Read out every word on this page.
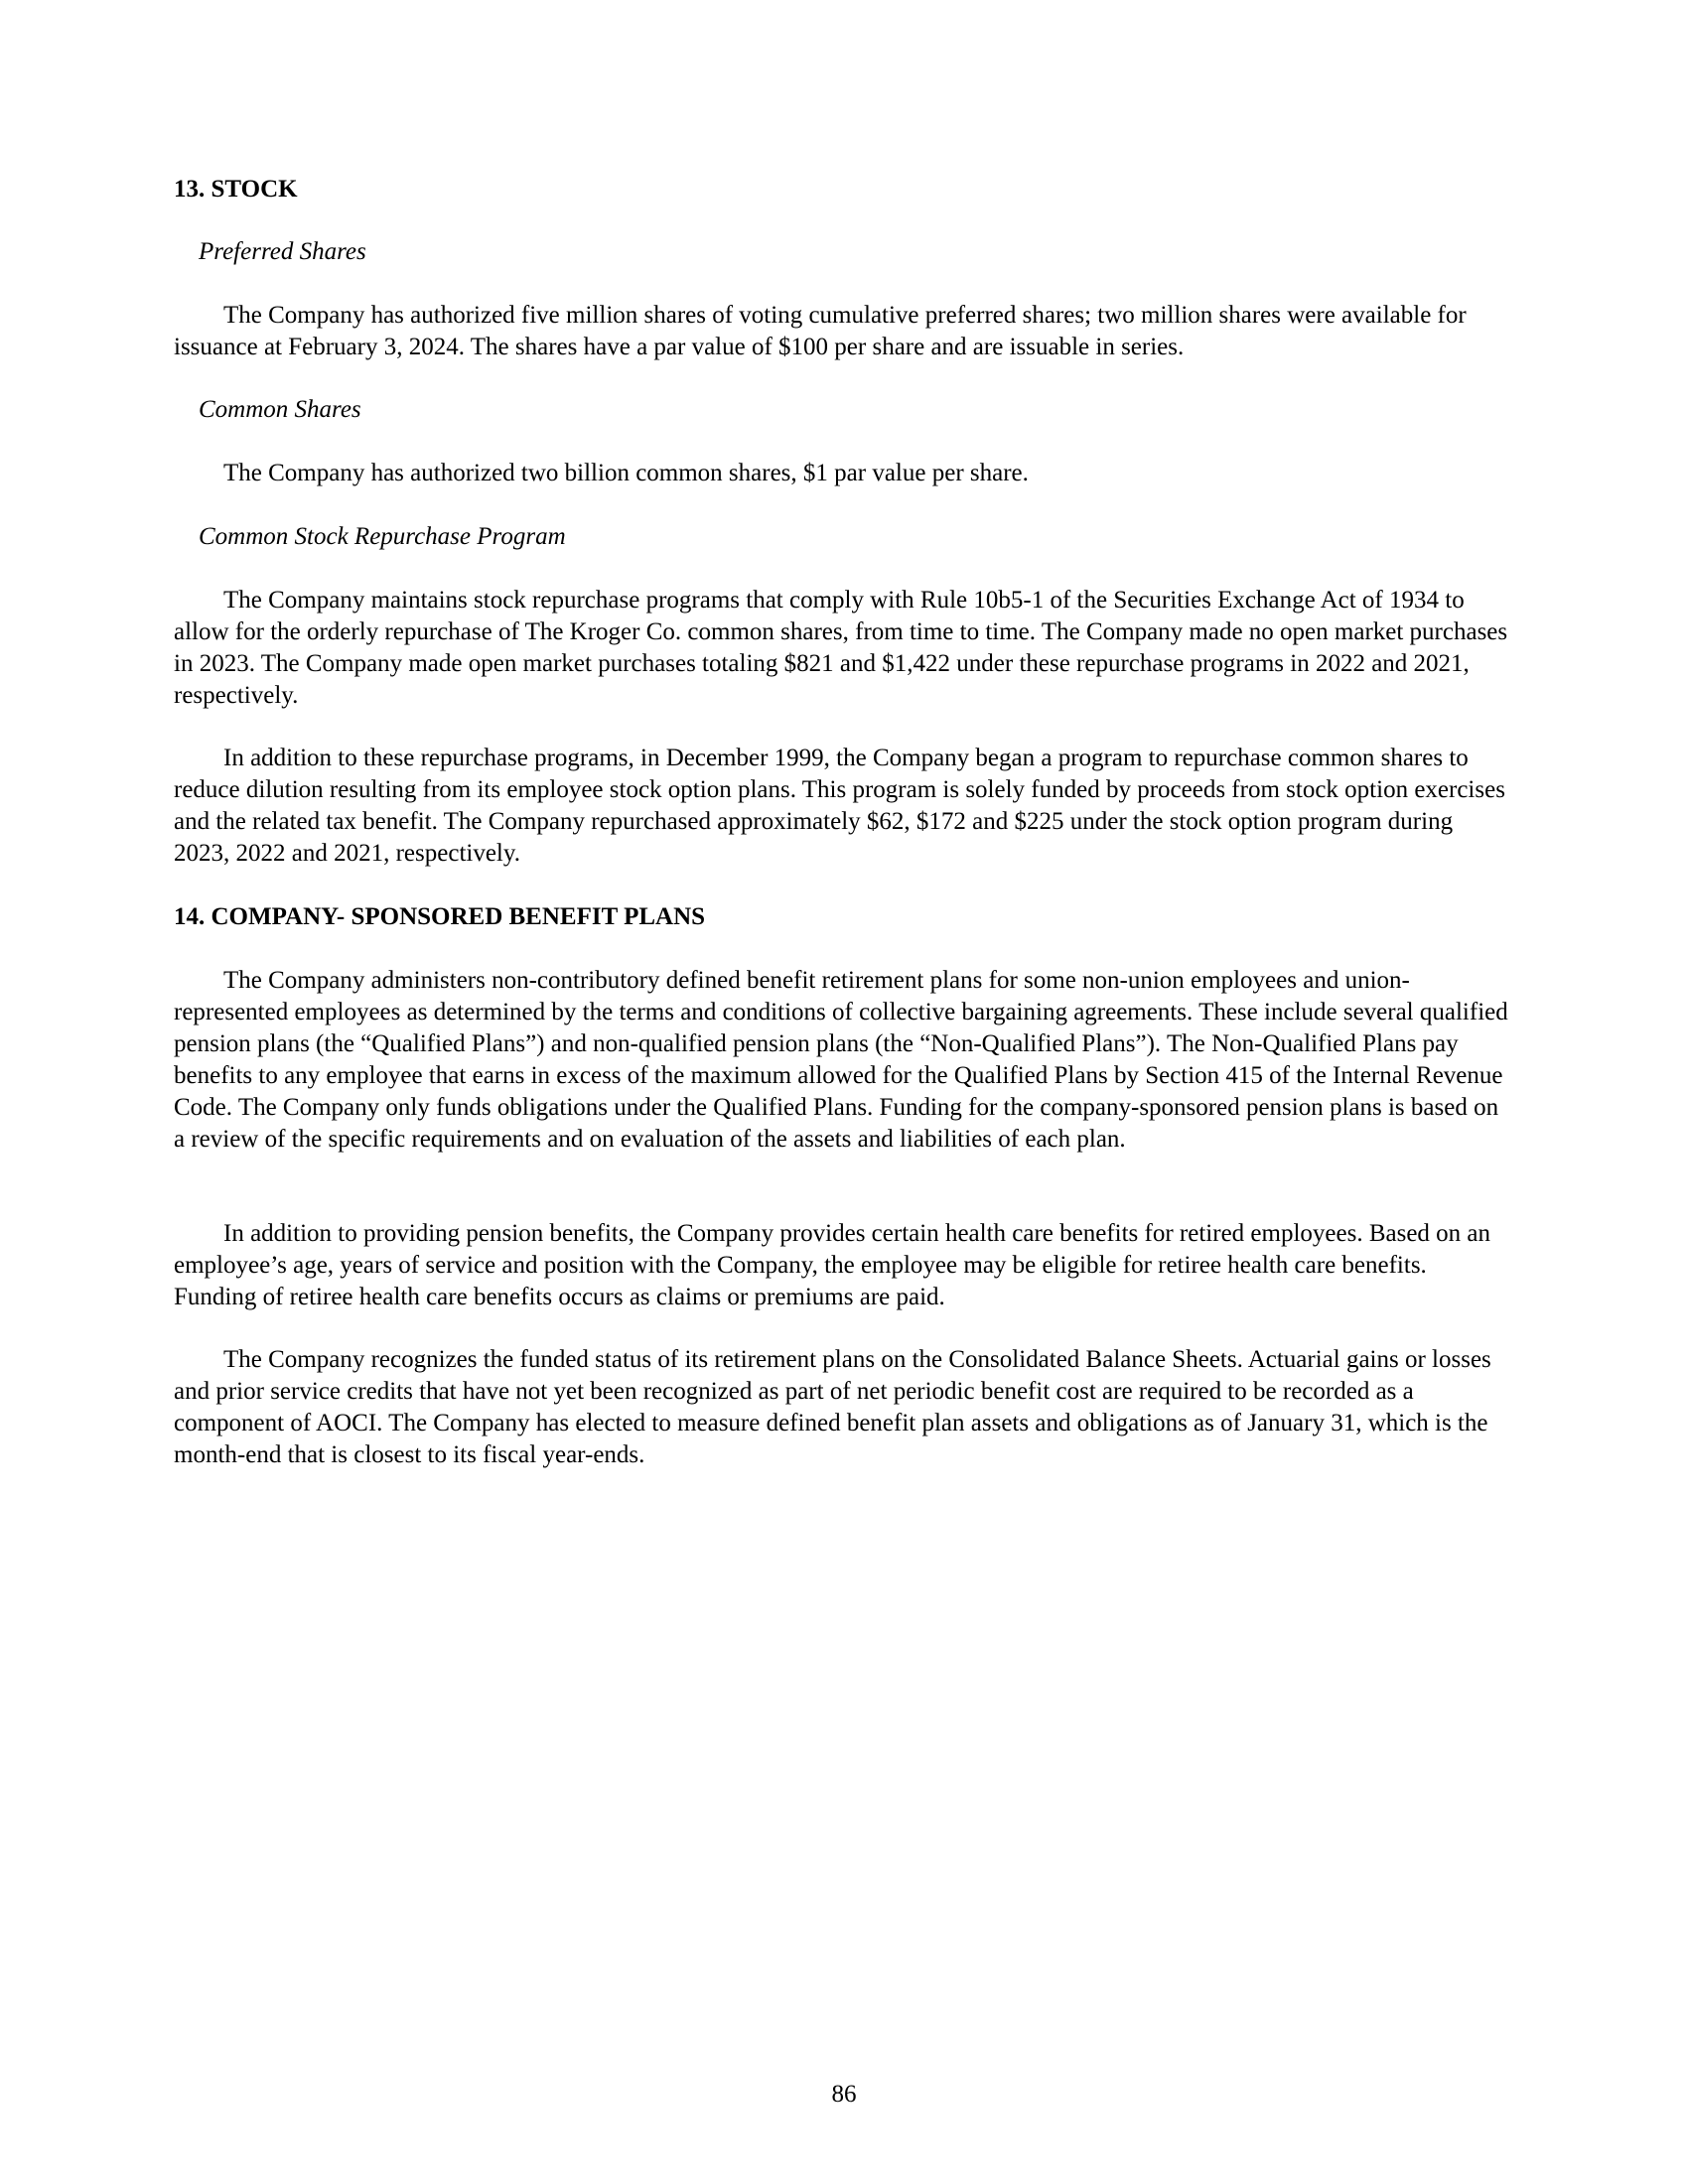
13. STOCK
Preferred Shares

The Company has authorized five million shares of voting cumulative preferred shares; two million shares were available for issuance at February 3, 2024. The shares have a par value of $100 per share and are issuable in series.

Common Shares

The Company has authorized two billion common shares, $1 par value per share.

Common Stock Repurchase Program

The Company maintains stock repurchase programs that comply with Rule 10b5-1 of the Securities Exchange Act of 1934 to allow for the orderly repurchase of The Kroger Co. common shares, from time to time. The Company made no open market purchases in 2023. The Company made open market purchases totaling $821 and $1,422 under these repurchase programs in 2022 and 2021, respectively.

In addition to these repurchase programs, in December 1999, the Company began a program to repurchase common shares to reduce dilution resulting from its employee stock option plans. This program is solely funded by proceeds from stock option exercises and the related tax benefit. The Company repurchased approximately $62, $172 and $225 under the stock option program during 2023, 2022 and 2021, respectively.

14. COMPANY- SPONSORED BENEFIT PLANS

The Company administers non-contributory defined benefit retirement plans for some non-union employees and union-represented employees as determined by the terms and conditions of collective bargaining agreements. These include several qualified pension plans (the “Qualified Plans”) and non-qualified pension plans (the “Non-Qualified Plans”). The Non-Qualified Plans pay benefits to any employee that earns in excess of the maximum allowed for the Qualified Plans by Section 415 of the Internal Revenue Code. The Company only funds obligations under the Qualified Plans. Funding for the company-sponsored pension plans is based on a review of the specific requirements and on evaluation of the assets and liabilities of each plan.

In addition to providing pension benefits, the Company provides certain health care benefits for retired employees. Based on an employee’s age, years of service and position with the Company, the employee may be eligible for retiree health care benefits. Funding of retiree health care benefits occurs as claims or premiums are paid.

The Company recognizes the funded status of its retirement plans on the Consolidated Balance Sheets. Actuarial gains or losses and prior service credits that have not yet been recognized as part of net periodic benefit cost are required to be recorded as a component of AOCI. The Company has elected to measure defined benefit plan assets and obligations as of January 31, which is the month-end that is closest to its fiscal year-ends.

86
